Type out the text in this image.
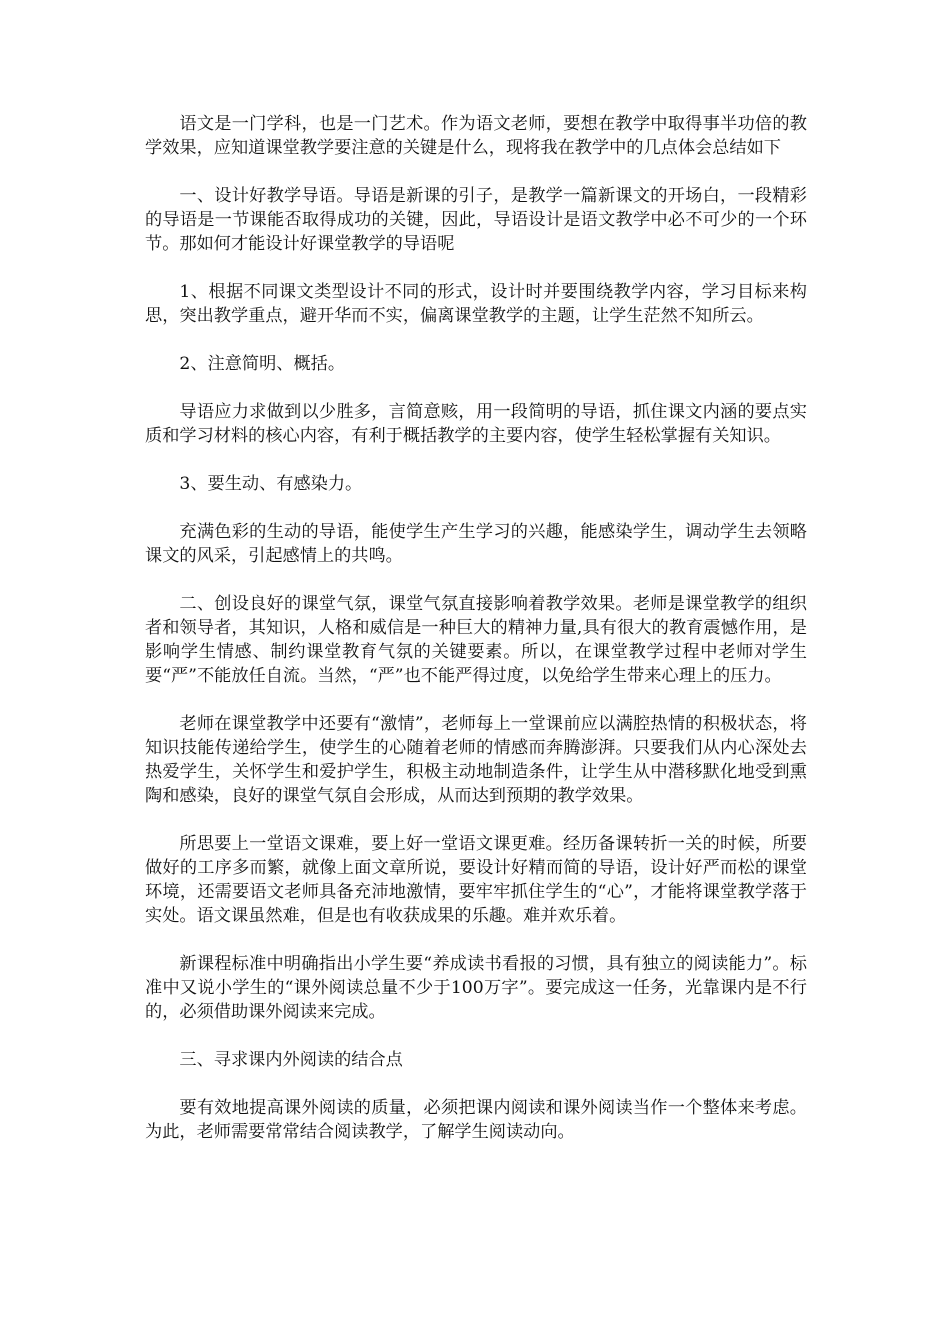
语文是一门学科，也是一门艺术。作为语文老师，要想在教学中取得事半功倍的教学效果，应知道课堂教学要注意的关键是什么，现将我在教学中的几点体会总结如下

一、设计好教学导语。导语是新课的引子，是教学一篇新课文的开场白，一段精彩的导语是一节课能否取得成功的关键，因此，导语设计是语文教学中必不可少的一个环节。那如何才能设计好课堂教学的导语呢

1、根据不同课文类型设计不同的形式，设计时并要围绕教学内容，学习目标来构思，突出教学重点，避开华而不实，偏离课堂教学的主题，让学生茫然不知所云。

2、注意简明、概括。

导语应力求做到以少胜多，言简意赅，用一段简明的导语，抓住课文内涵的要点实质和学习材料的核心内容，有利于概括教学的主要内容，使学生轻松掌握有关知识。

3、要生动、有感染力。

充满色彩的生动的导语，能使学生产生学习的兴趣，能感染学生，调动学生去领略课文的风采，引起感情上的共鸣。

二、创设良好的课堂气氛，课堂气氛直接影响着教学效果。老师是课堂教学的组织者和领导者，其知识，人格和威信是一种巨大的精神力量,具有很大的教育震憾作用，是影响学生情感、制约课堂教育气氛的关键要素。所以，在课堂教学过程中老师对学生要“严”不能放任自流。当然，“严”也不能严得过度，以免给学生带来心理上的压力。

老师在课堂教学中还要有“激情”，老师每上一堂课前应以满腔热情的积极状态，将知识技能传递给学生，使学生的心随着老师的情感而奔腾澎湃。只要我们从内心深处去热爱学生，关怀学生和爱护学生，积极主动地制造条件，让学生从中潜移默化地受到熏陶和感染，良好的课堂气氛自会形成，从而达到预期的教学效果。

所思要上一堂语文课难，要上好一堂语文课更难。经历备课转折一关的时候，所要做好的工序多而繁，就像上面文章所说，要设计好精而简的导语，设计好严而松的课堂环境，还需要语文老师具备充沛地激情，要牢牢抓住学生的“心”，才能将课堂教学落于实处。语文课虽然难，但是也有收获成果的乐趣。难并欢乐着。

新课程标准中明确指出小学生要“养成读书看报的习惯，具有独立的阅读能力”。标准中又说小学生的“课外阅读总量不少于100万字”。要完成这一任务，光靠课内是不行的，必须借助课外阅读来完成。

三、寻求课内外阅读的结合点

要有效地提高课外阅读的质量，必须把课内阅读和课外阅读当作一个整体来考虑。为此，老师需要常常结合阅读教学，了解学生阅读动向。
